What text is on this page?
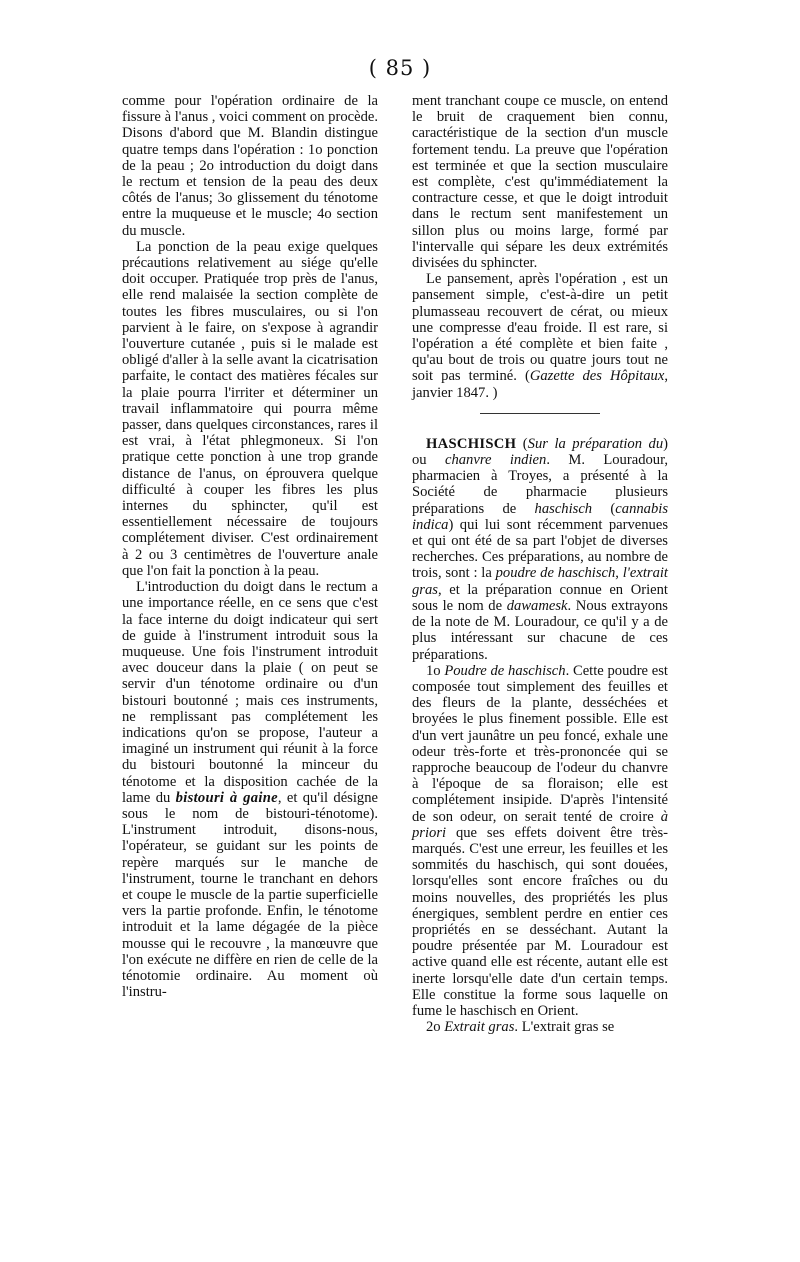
( 85 )

comme pour l'opération ordinaire de la fissure à l'anus , voici comment on procède. Disons d'abord que M. Blandin distingue quatre temps dans l'opération : 1o ponction de la peau ; 2o introduction du doigt dans le rectum et tension de la peau des deux côtés de l'anus; 3o glissement du ténotome entre la muqueuse et le muscle; 4o section du muscle.

La ponction de la peau exige quelques précautions relativement au siége qu'elle doit occuper. Pratiquée trop près de l'anus, elle rend malaisée la section complète de toutes les fibres musculaires, ou si l'on parvient à le faire, on s'expose à agrandir l'ouverture cutanée , puis si le malade est obligé d'aller à la selle avant la cicatrisation parfaite, le contact des matières fécales sur la plaie pourra l'irriter et déterminer un travail inflammatoire qui pourra même passer, dans quelques circonstances, rares il est vrai, à l'état phlegmoneux. Si l'on pratique cette ponction à une trop grande distance de l'anus, on éprouvera quelque difficulté à couper les fibres les plus internes du sphincter, qu'il est essentiellement nécessaire de toujours complétement diviser. C'est ordinairement à 2 ou 3 centimètres de l'ouverture anale que l'on fait la ponction à la peau.

L'introduction du doigt dans le rectum a une importance réelle, en ce sens que c'est la face interne du doigt indicateur qui sert de guide à l'instrument introduit sous la muqueuse. Une fois l'instrument introduit avec douceur dans la plaie ( on peut se servir d'un ténotome ordinaire ou d'un bistouri boutonné ; mais ces instruments, ne remplissant pas complétement les indications qu'on se propose, l'auteur a imaginé un instrument qui réunit à la force du bistouri boutonné la minceur du ténotome et la disposition cachée de la lame du bistouri à gaine, et qu'il désigne sous le nom de bistouri-ténotome). L'instrument introduit, disons-nous, l'opérateur, se guidant sur les points de repère marqués sur le manche de l'instrument, tourne le tranchant en dehors et coupe le muscle de la partie superficielle vers la partie profonde. Enfin, le ténotome introduit et la lame dégagée de la pièce mousse qui le recouvre , la manœuvre que l'on exécute ne diffère en rien de celle de la ténotomie ordinaire. Au moment où l'instru-

ment tranchant coupe ce muscle, on entend le bruit de craquement bien connu, caractéristique de la section d'un muscle fortement tendu. La preuve que l'opération est terminée et que la section musculaire est complète, c'est qu'immédiatement la contracture cesse, et que le doigt introduit dans le rectum sent manifestement un sillon plus ou moins large, formé par l'intervalle qui sépare les deux extrémités divisées du sphincter.

Le pansement, après l'opération , est un pansement simple, c'est-à-dire un petit plumasseau recouvert de cérat, ou mieux une compresse d'eau froide. Il est rare, si l'opération a été complète et bien faite , qu'au bout de trois ou quatre jours tout ne soit pas terminé. (Gazette des Hôpitaux, janvier 1847. )

HASCHISCH (Sur la préparation du) ou chanvre indien. M. Louradour, pharmacien à Troyes, a présenté à la Société de pharmacie plusieurs préparations de haschisch (cannabis indica) qui lui sont récemment parvenues et qui ont été de sa part l'objet de diverses recherches. Ces préparations, au nombre de trois, sont : la poudre de haschisch, l'extrait gras, et la préparation connue en Orient sous le nom de dawamesk. Nous extrayons de la note de M. Louradour, ce qu'il y a de plus intéressant sur chacune de ces préparations.

1o Poudre de haschisch. Cette poudre est composée tout simplement des feuilles et des fleurs de la plante, desséchées et broyées le plus finement possible. Elle est d'un vert jaunâtre un peu foncé, exhale une odeur très-forte et très-prononcée qui se rapproche beaucoup de l'odeur du chanvre à l'époque de sa floraison; elle est complétement insipide. D'après l'intensité de son odeur, on serait tenté de croire à priori que ses effets doivent être très-marqués. C'est une erreur, les feuilles et les sommités du haschisch, qui sont douées, lorsqu'elles sont encore fraîches ou du moins nouvelles, des propriétés les plus énergiques, semblent perdre en entier ces propriétés en se desséchant. Autant la poudre présentée par M. Louradour est active quand elle est récente, autant elle est inerte lorsqu'elle date d'un certain temps. Elle constitue la forme sous laquelle on fume le haschisch en Orient.

2o Extrait gras. L'extrait gras se
